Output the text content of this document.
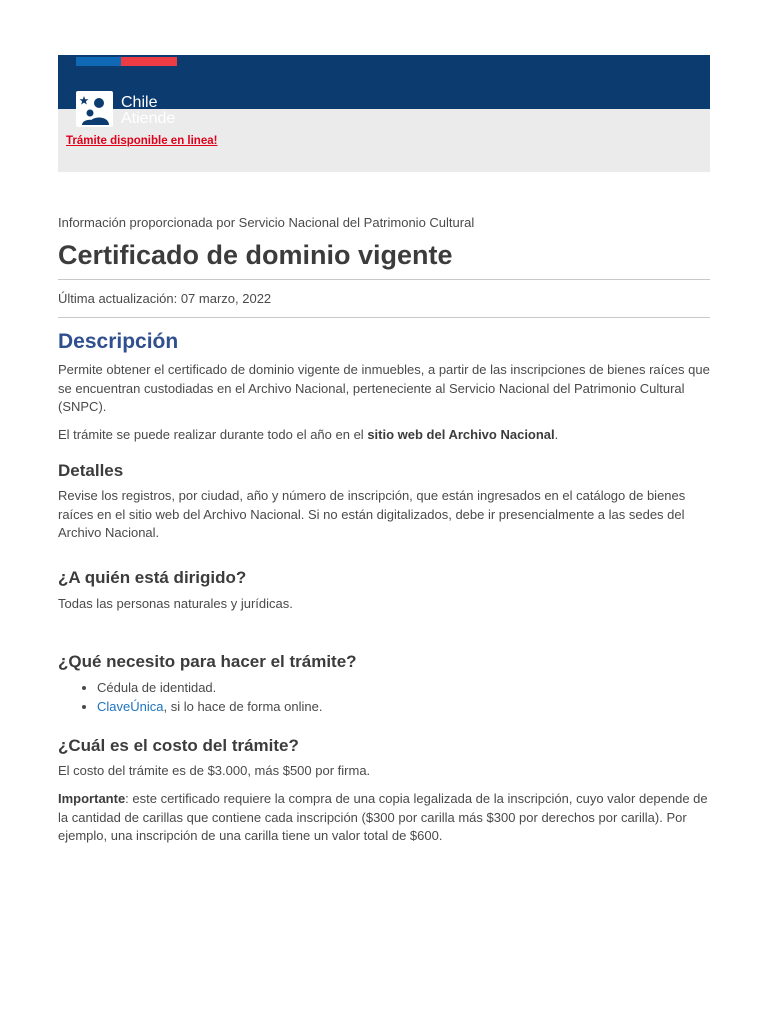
Chile
Atiende
Trámite disponible en linea!
Información proporcionada por Servicio Nacional del Patrimonio Cultural
Certificado de dominio vigente
Última actualización: 07 marzo, 2022
Descripción

Permite obtener el certificado de dominio vigente de inmuebles, a partir de las inscripciones de bienes raíces que se encuentran custodiadas en el Archivo Nacional, perteneciente al Servicio Nacional del Patrimonio Cultural (SNPC).

El trámite se puede realizar durante todo el año en el sitio web del Archivo Nacional.

Detalles

Revise los registros, por ciudad, año y número de inscripción, que están ingresados en el catálogo de bienes raíces en el sitio web del Archivo Nacional. Si no están digitalizados, debe ir presencialmente a las sedes del Archivo Nacional.

¿A quién está dirigido?

Todas las personas naturales y jurídicas.

¿Qué necesito para hacer el trámite?
• Cédula de identidad.
• ClaveÚnica, si lo hace de forma online.
¿Cuál es el costo del trámite?

El costo del trámite es de $3.000, más $500 por firma.

Importante: este certificado requiere la compra de una copia legalizada de la inscripción, cuyo valor depende de la cantidad de carillas que contiene cada inscripción ($300 por carilla más $300 por derechos por carilla). Por ejemplo, una inscripción de una carilla tiene un valor total de $600.
